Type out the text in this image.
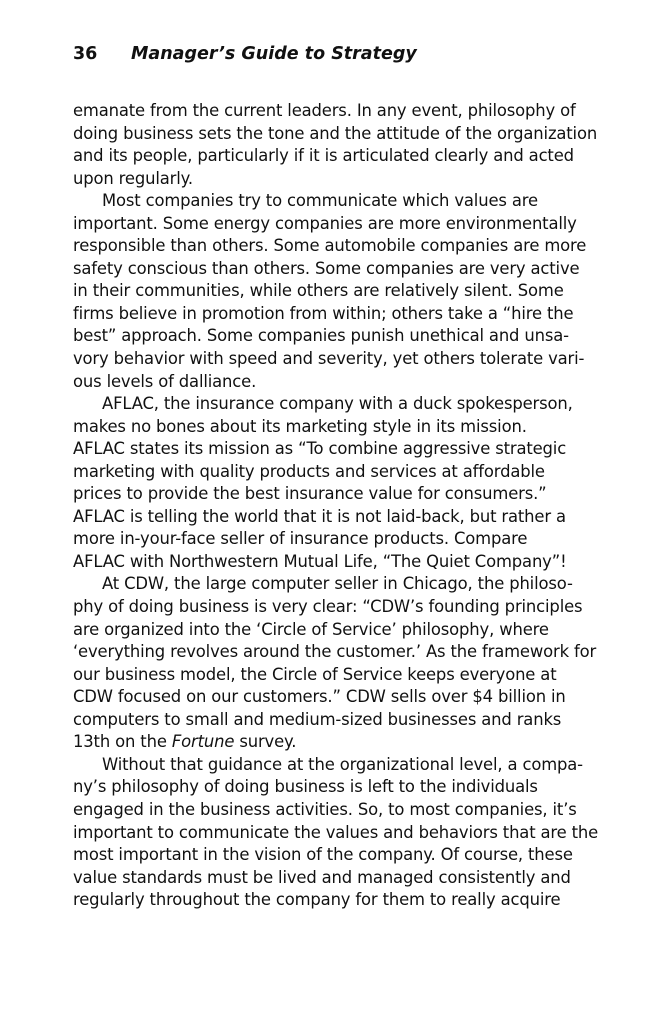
36 Manager’s Guide to Strategy
emanate from the current leaders. In any event, philosophy of
doing business sets the tone and the attitude of the organization
and its people, particularly if it is articulated clearly and acted
upon regularly.
Most companies try to communicate which values are
important. Some energy companies are more environmentally
responsible than others. Some automobile companies are more
safety conscious than others. Some companies are very active
in their communities, while others are relatively silent. Some
firms believe in promotion from within; others take a “hire the
best” approach. Some companies punish unethical and unsa-
vory behavior with speed and severity, yet others tolerate vari-
ous levels of dalliance.
AFLAC, the insurance company with a duck spokesperson,
makes no bones about its marketing style in its mission.
AFLAC states its mission as “To combine aggressive strategic
marketing with quality products and services at affordable
prices to provide the best insurance value for consumers.”
AFLAC is telling the world that it is not laid-back, but rather a
more in-your-face seller of insurance products. Compare
AFLAC with Northwestern Mutual Life, “The Quiet Company”!
At CDW, the large computer seller in Chicago, the philoso-
phy of doing business is very clear: “CDW’s founding principles
are organized into the ‘Circle of Service’ philosophy, where
‘everything revolves around the customer.’ As the framework for
our business model, the Circle of Service keeps everyone at
CDW focused on our customers.” CDW sells over $4 billion in
computers to small and medium-sized businesses and ranks
13th on the Fortune survey.
Without that guidance at the organizational level, a compa-
ny’s philosophy of doing business is left to the individuals
engaged in the business activities. So, to most companies, it’s
important to communicate the values and behaviors that are the
most important in the vision of the company. Of course, these
value standards must be lived and managed consistently and
regularly throughout the company for them to really acquire
